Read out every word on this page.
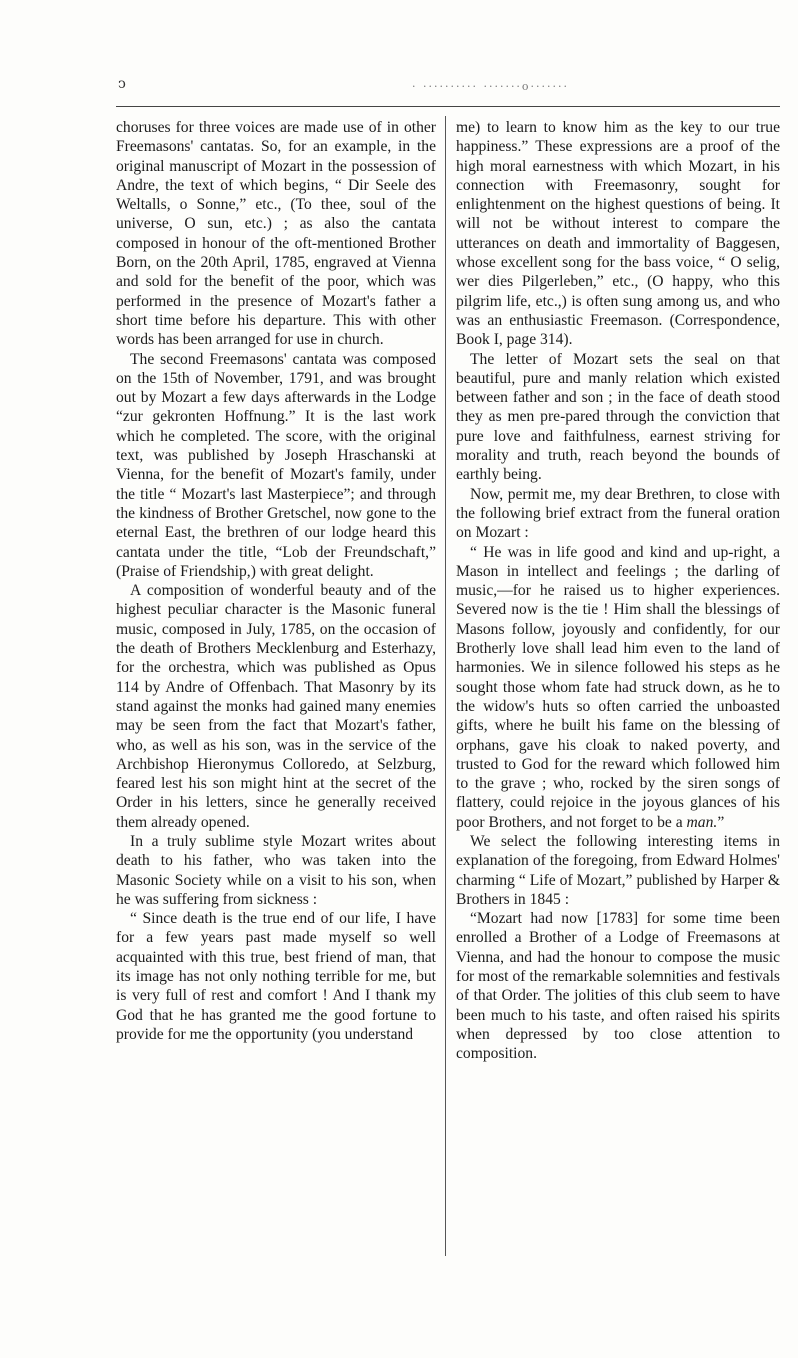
ↄ	· ·········· ·······o·······

choruses for three voices are made use of in other Freemasons' cantatas. So, for an example, in the original manuscript of Mozart in the possession of Andre, the text of which begins, “ Dir Seele des Weltalls, o Sonne,” etc., (To thee, soul of the universe, O sun, etc.) ; as also the cantata composed in honour of the oft-mentioned Brother Born, on the 20th April, 1785, engraved at Vienna and sold for the benefit of the poor, which was performed in the presence of Mozart's father a short time before his departure. This with other words has been arranged for use in church.

The second Freemasons' cantata was composed on the 15th of November, 1791, and was brought out by Mozart a few days afterwards in the Lodge “zur gekronten Hoffnung.” It is the last work which he completed. The score, with the original text, was published by Joseph Hraschanski at Vienna, for the benefit of Mozart's family, under the title “ Mozart's last Masterpiece”; and through the kindness of Brother Gretschel, now gone to the eternal East, the brethren of our lodge heard this cantata under the title, “Lob der Freundschaft,” (Praise of Friendship,) with great delight.

A composition of wonderful beauty and of the highest peculiar character is the Masonic funeral music, composed in July, 1785, on the occasion of the death of Brothers Mecklenburg and Esterhazy, for the orchestra, which was published as Opus 114 by Andre of Offenbach. That Masonry by its stand against the monks had gained many enemies may be seen from the fact that Mozart's father, who, as well as his son, was in the service of the Archbishop Hieronymus Colloredo, at Selzburg, feared lest his son might hint at the secret of the Order in his letters, since he generally received them already opened.

In a truly sublime style Mozart writes about death to his father, who was taken into the Masonic Society while on a visit to his son, when he was suffering from sickness :

“ Since death is the true end of our life, I have for a few years past made myself so well acquainted with this true, best friend of man, that its image has not only nothing terrible for me, but is very full of rest and comfort ! And I thank my God that he has granted me the good fortune to provide for me the opportunity (you understand

me) to learn to know him as the key to our true happiness.” These expressions are a proof of the high moral earnestness with which Mozart, in his connection with Freemasonry, sought for enlightenment on the highest questions of being. It will not be without interest to compare the utterances on death and immortality of Baggesen, whose excellent song for the bass voice, “ O selig, wer dies Pilgerleben,” etc., (O happy, who this pilgrim life, etc.,) is often sung among us, and who was an enthusiastic Freemason. (Correspondence, Book I, page 314).

The letter of Mozart sets the seal on that beautiful, pure and manly relation which existed between father and son ; in the face of death stood they as men pre-pared through the conviction that pure love and faithfulness, earnest striving for morality and truth, reach beyond the bounds of earthly being.

Now, permit me, my dear Brethren, to close with the following brief extract from the funeral oration on Mozart :

“ He was in life good and kind and up-right, a Mason in intellect and feelings ; the darling of music,—for he raised us to higher experiences. Severed now is the tie ! Him shall the blessings of Masons follow, joyously and confidently, for our Brotherly love shall lead him even to the land of harmonies. We in silence followed his steps as he sought those whom fate had struck down, as he to the widow's huts so often carried the unboasted gifts, where he built his fame on the blessing of orphans, gave his cloak to naked poverty, and trusted to God for the reward which followed him to the grave ; who, rocked by the siren songs of flattery, could rejoice in the joyous glances of his poor Brothers, and not forget to be a man.”

We select the following interesting items in explanation of the foregoing, from Edward Holmes' charming “ Life of Mozart,” published by Harper & Brothers in 1845 :

“Mozart had now [1783] for some time been enrolled a Brother of a Lodge of Freemasons at Vienna, and had the honour to compose the music for most of the remarkable solemnities and festivals of that Order. The jolities of this club seem to have been much to his taste, and often raised his spirits when depressed by too close attention to composition.
